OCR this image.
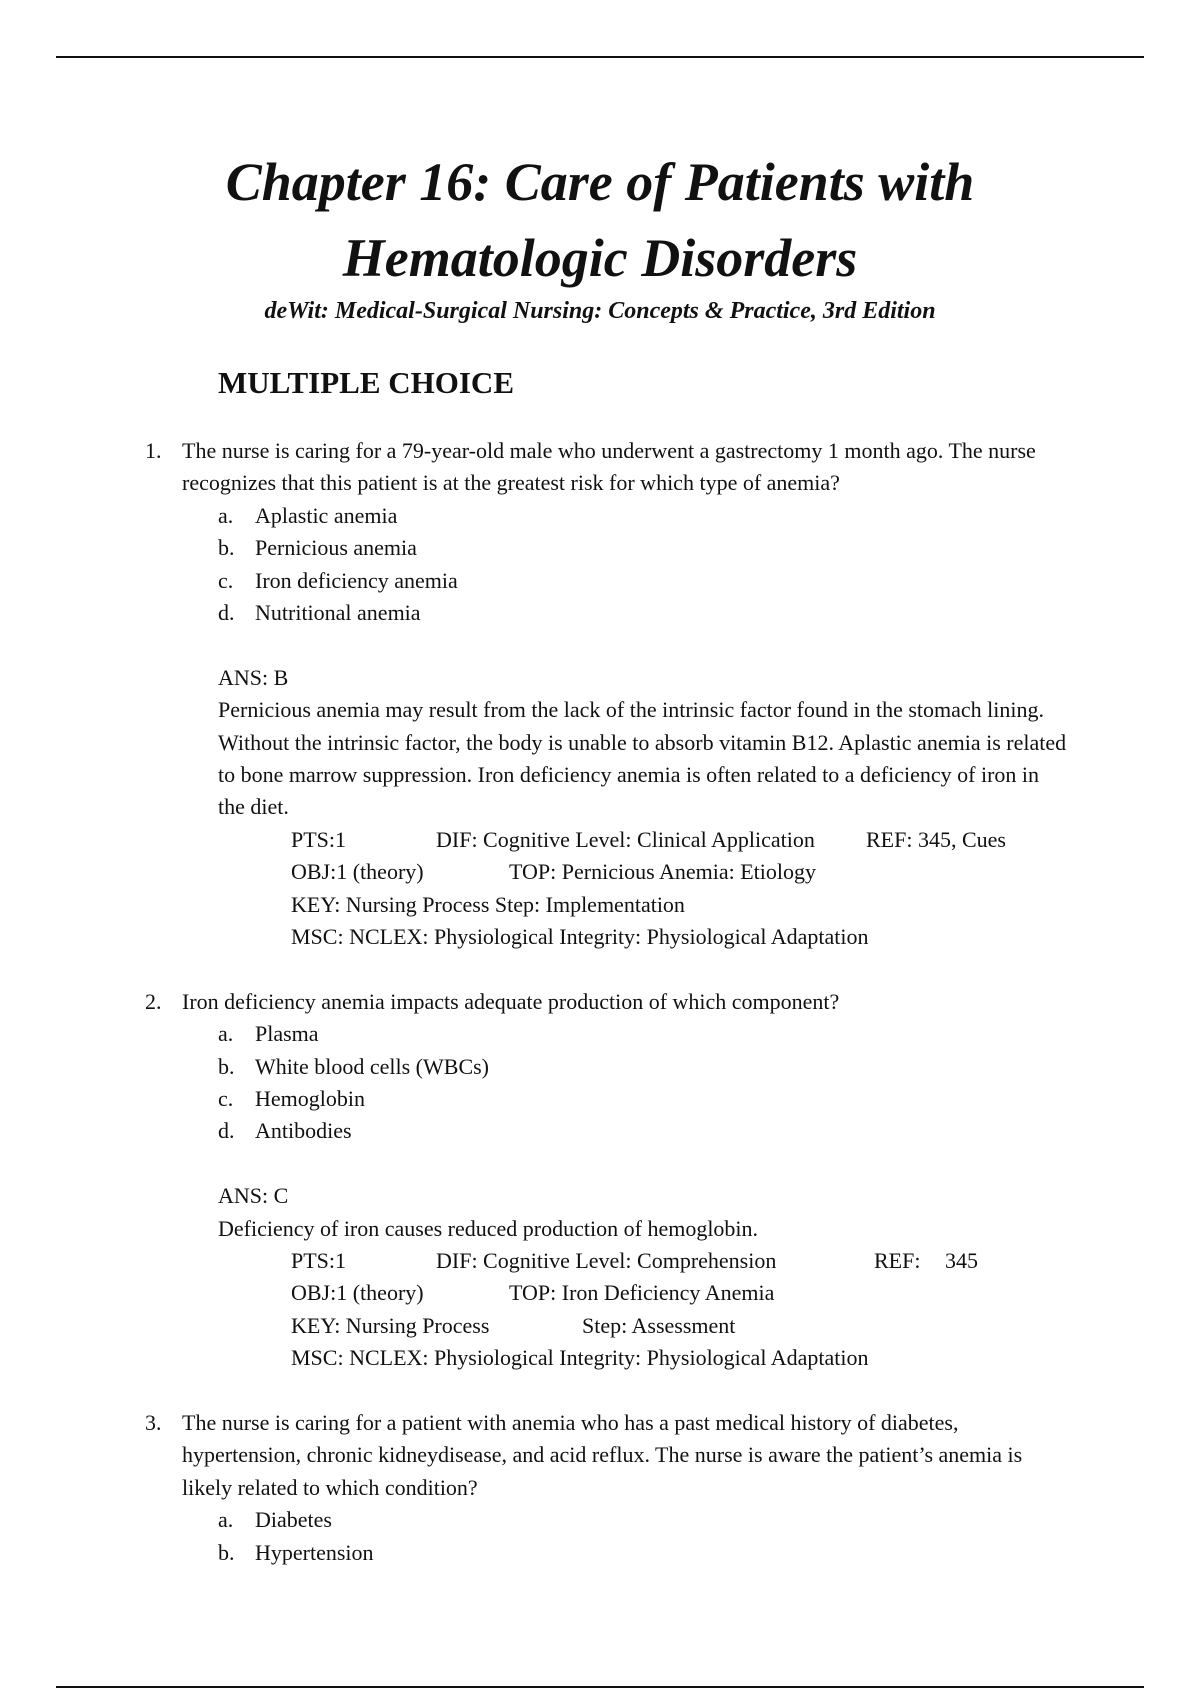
Chapter 16: Care of Patients with
Hematologic Disorders
deWit: Medical-Surgical Nursing: Concepts & Practice, 3rd Edition
MULTIPLE CHOICE
1. The nurse is caring for a 79-year-old male who underwent a gastrectomy 1 month ago. The nurse recognizes that this patient is at the greatest risk for which type of anemia?
a. Aplastic anemia
b. Pernicious anemia
c. Iron deficiency anemia
d. Nutritional anemia
ANS: B
Pernicious anemia may result from the lack of the intrinsic factor found in the stomach lining. Without the intrinsic factor, the body is unable to absorb vitamin B12. Aplastic anemia is related to bone marrow suppression. Iron deficiency anemia is often related to a deficiency of iron in the diet.
PTS:1	DIF: Cognitive Level: Clinical Application REF: 345, Cues
OBJ:1 (theory)	TOP: Pernicious Anemia: Etiology
KEY: Nursing Process Step: Implementation
MSC: NCLEX: Physiological Integrity: Physiological Adaptation
2. Iron deficiency anemia impacts adequate production of which component?
a. Plasma
b. White blood cells (WBCs)
c. Hemoglobin
d. Antibodies
ANS: C
Deficiency of iron causes reduced production of hemoglobin.
PTS:1	DIF: Cognitive Level: Comprehension	REF: 345
OBJ:1 (theory)	TOP: Iron Deficiency Anemia
KEY: Nursing Process	Step: Assessment
MSC: NCLEX: Physiological Integrity: Physiological Adaptation
3. The nurse is caring for a patient with anemia who has a past medical history of diabetes, hypertension, chronic kidneydisease, and acid reflux. The nurse is aware the patient’s anemia is likely related to which condition?
a. Diabetes
b. Hypertension
